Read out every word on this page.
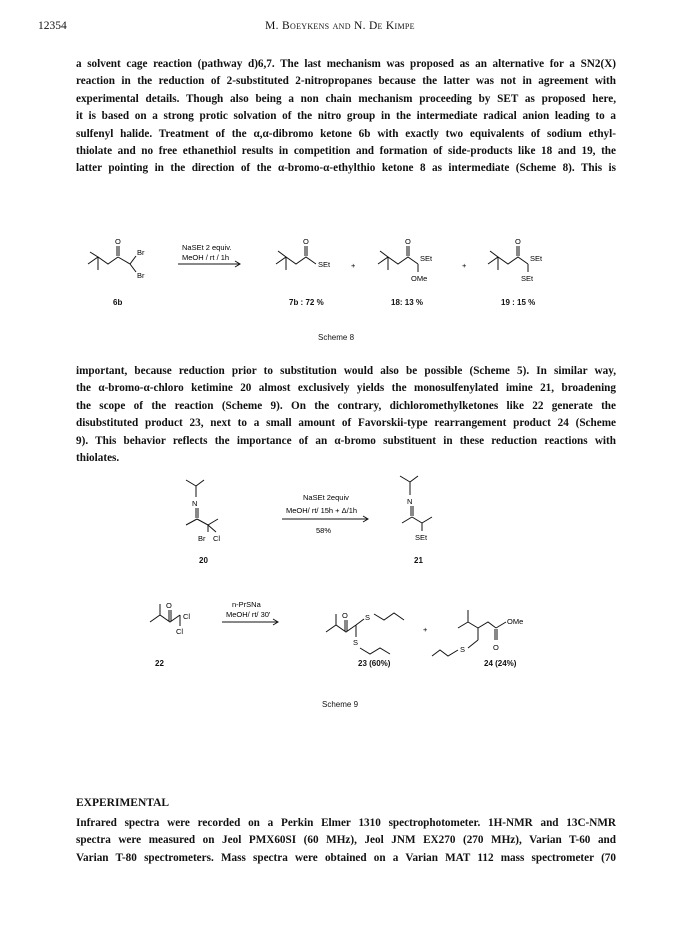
12354	M. Boeykens and N. De Kimpe
a solvent cage reaction (pathway d)6,7. The last mechanism was proposed as an alternative for a SN2(X)
reaction in the reduction of 2-substituted 2-nitropropanes because the latter was not in agreement with
experimental details. Though also being a non chain mechanism proceeding by SET as proposed here,
it is based on a strong protic solvation of the nitro group in the intermediate radical anion leading to a
sulfenyl halide. Treatment of the α,α-dibromo ketone 6b with exactly two equivalents of sodium ethyl-
thiolate and no free ethanethiol results in competition and formation of side-products like 18 and 19, the
latter pointing in the direction of the α-bromo-α-ethylthio ketone 8 as intermediate (Scheme 8). This is
O
Br
Br
NaSEt 2 equiv.
MeOH / rt / 1h
O
SEt	+
O
SEt
OMe
+
O
SEt
SEt
6b	7b : 72 %	18: 13 %	19 : 15 %
Scheme 8
important, because reduction prior to substitution would also be possible (Scheme 5). In similar way,
the α-bromo-α-chloro ketimine 20 almost exclusively yields the monosulfenylated imine 21, broadening
the scope of the reaction (Scheme 9). On the contrary, dichloromethylketones like 22 generate the
disubstituted product 23, next to a small amount of Favorskii-type rearrangement product 24 (Scheme
9). This behavior reflects the importance of an α-bromo substituent in these reduction reactions with
thiolates.
N
Br Cl
NaSEt 2equiv
MeOH/ rt/ 15h + Δ/1h
58%
N
SEt
O
Cl
Cl
n-PrSNa
MeOH/ rt/ 30'	O S
S
+
S
OMe
O
20	21
22	23 (60%)	24 (24%)
Scheme 9
EXPERIMENTAL
Infrared spectra were recorded on a Perkin Elmer 1310 spectrophotometer. 1H-NMR and 13C-NMR
spectra were measured on Jeol PMX60SI (60 MHz), Jeol JNM EX270 (270 MHz), Varian T-60 and
Varian T-80 spectrometers. Mass spectra were obtained on a Varian MAT 112 mass spectrometer (70
